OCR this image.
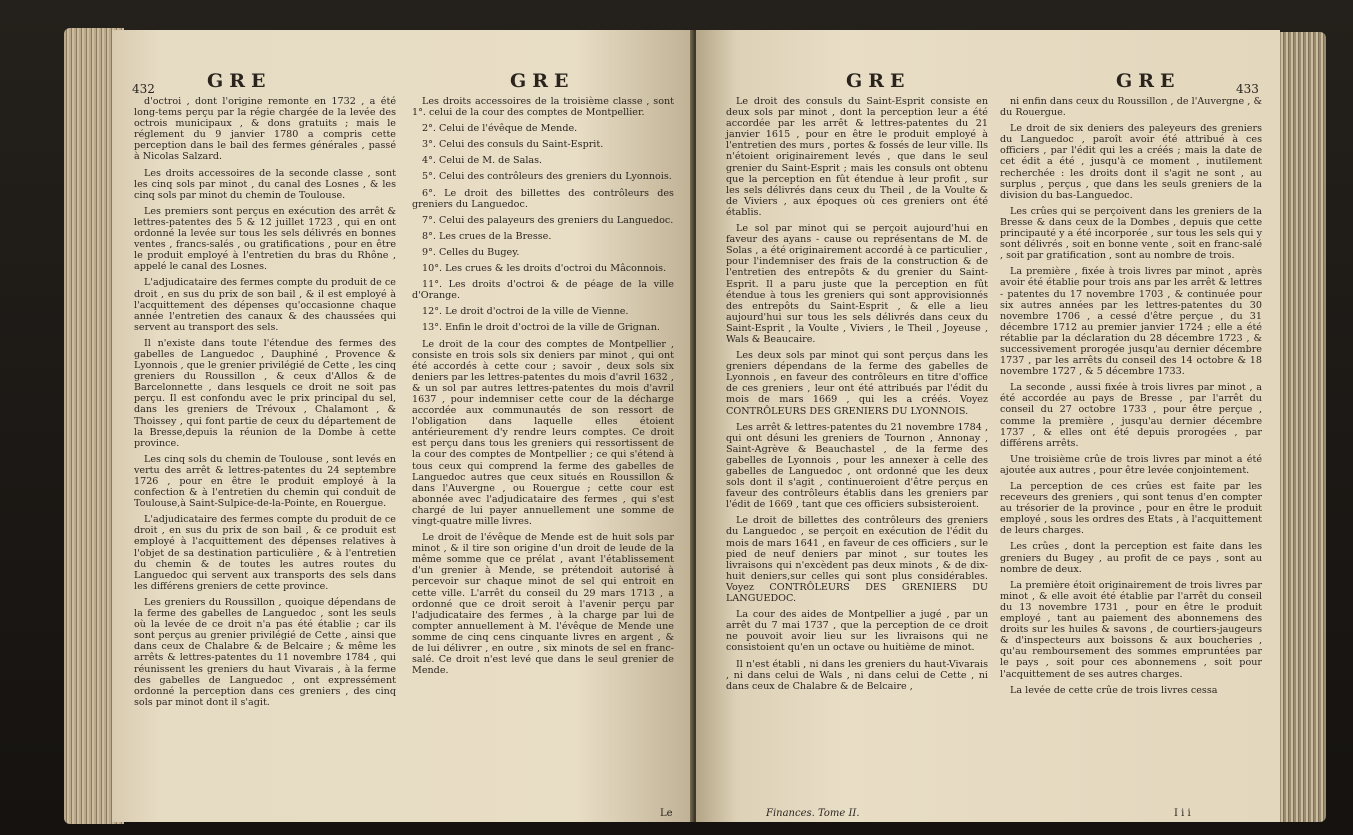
432	GRE	GRE

d'octroi , dont l'origine remonte en 1732 , a été long-tems perçu par la régie chargée de la levée des octrois municipaux , & dons gratuits ; mais le réglement du 9 janvier 1780 a compris cette perception dans le bail des fermes générales , passé à Nicolas Salzard.

Les droits accessoires de la seconde classe , sont les cinq sols par minot , du canal des Losnes , & les cinq sols par minot du chemin de Toulouse.

Les premiers sont perçus en exécution des arrêt & lettres-patentes des 5 & 12 juillet 1723 , qui en ont ordonné la levée sur tous les sels délivrés en bonnes ventes , francs-salés , ou gratifications , pour en être le produit employé à l'entretien du bras du Rhône , appelé le canal des Losnes.

L'adjudicataire des fermes compte du produit de ce droit , en sus du prix de son bail , & il est employé à l'acquittement des dépenses qu'occasionne chaque année l'entretien des canaux & des chaussées qui servent au transport des sels.

Il n'existe dans toute l'étendue des fermes des gabelles de Languedoc , Dauphiné , Provence & Lyonnois , que le grenier privilégié de Cette , les cinq greniers du Roussillon , & ceux d'Allos & de Barcelonnette , dans lesquels ce droit ne soit pas perçu. Il est confondu avec le prix principal du sel, dans les greniers de Trévoux , Chalamont , & Thoissey , qui font partie de ceux du département de la Bresse,depuis la réunion de la Dombe à cette province.

Les cinq sols du chemin de Toulouse , sont levés en vertu des arrêt & lettres-patentes du 24 septembre 1726 , pour en être le produit employé à la confection & à l'entretien du chemin qui conduit de Toulouse,à Saint-Sulpice-de-la-Pointe, en Rouergue.

L'adjudicataire des fermes compte du produit de ce droit , en sus du prix de son bail , & ce produit est employé à l'acquittement des dépenses relatives à l'objet de sa destination particulière , & à l'entretien du chemin & de toutes les autres routes du Languedoc qui servent aux transports des sels dans les différens greniers de cette province.

Les greniers du Roussillon , quoique dépendans de la ferme des gabelles de Languedoc , sont les seuls où la levée de ce droit n'a pas été établie ; car ils sont perçus au grenier privilégié de Cette , ainsi que dans ceux de Chalabre & de Belcaire ; & même les arrêts & lettres-patentes du 11 novembre 1784 , qui réunissent les greniers du haut Vivarais , à la ferme des gabelles de Languedoc , ont expressément ordonné la perception dans ces greniers , des cinq sols par minot dont il s'agit.

Les droits accessoires de la troisième classe , sont 1°. celui de la cour des comptes de Montpellier.

2°. Celui de l'évêque de Mende.

3°. Celui des consuls du Saint-Esprit.

4°. Celui de M. de Salas.

5°. Celui des contrôleurs des greniers du Lyonnois.

6°. Le droit des billettes des contrôleurs des greniers du Languedoc.

7°. Celui des palayeurs des greniers du Languedoc.

8°. Les crues de la Bresse.

9°. Celles du Bugey.

10°. Les crues & les droits d'octroi du Mâconnois.

11°. Les droits d'octroi & de péage de la ville d'Orange.

12°. Le droit d'octroi de la ville de Vienne.

13°. Enfin le droit d'octroi de la ville de Grignan.

Le droit de la cour des comptes de Montpellier , consiste en trois sols six deniers par minot , qui ont été accordés à cette cour ; savoir , deux sols six deniers par les lettres-patentes du mois d'avril 1632 , & un sol par autres lettres-patentes du mois d'avril 1637 , pour indemniser cette cour de la décharge accordée aux communautés de son ressort de l'obligation dans laquelle elles étoient antérieurement d'y rendre leurs comptes. Ce droit est perçu dans tous les greniers qui ressortissent de la cour des comptes de Montpellier ; ce qui s'étend à tous ceux qui comprend la ferme des gabelles de Languedoc autres que ceux situés en Roussillon & dans l'Auvergne , ou Rouergue ; cette cour est abonnée avec l'adjudicataire des fermes , qui s'est chargé de lui payer annuellement une somme de vingt-quatre mille livres.

Le droit de l'évêque de Mende est de huit sols par minot , & il tire son origine d'un droit de leude de la même somme que ce prélat , avant l'établissement d'un grenier à Mende, se prétendoit autorisé à percevoir sur chaque minot de sel qui entroit en cette ville. L'arrêt du conseil du 29 mars 1713 , a ordonné que ce droit seroit à l'avenir perçu par l'adjudicataire des fermes , à la charge par lui de compter annuellement à M. l'évêque de Mende une somme de cinq cens cinquante livres en argent , & de lui délivrer , en outre , six minots de sel en franc-salé. Ce droit n'est levé que dans le seul grenier de Mende.

Le
GRE	GRE	433

Le droit des consuls du Saint-Esprit consiste en deux sols par minot , dont la perception leur a été accordée par les arrêt & lettres-patentes du 21 janvier 1615 , pour en être le produit employé à l'entretien des murs , portes & fossés de leur ville. Ils n'étoient originairement levés , que dans le seul grenier du Saint-Esprit ; mais les consuls ont obtenu que la perception en fût étendue à leur profit , sur les sels délivrés dans ceux du Theil , de la Voulte & de Viviers , aux époques où ces greniers ont été établis.

Le sol par minot qui se perçoit aujourd'hui en faveur des ayans - cause ou représentans de M. de Solas , a été originairement accordé à ce particulier , pour l'indemniser des frais de la construction & de l'entretien des entrepôts & du grenier du Saint-Esprit. Il a paru juste que la perception en fût étendue à tous les greniers qui sont approvisionnés des entrepôts du Saint-Esprit , & elle a lieu aujourd'hui sur tous les sels délivrés dans ceux du Saint-Esprit , la Voulte , Viviers , le Theil , Joyeuse , Wals & Beaucaire.

Les deux sols par minot qui sont perçus dans les greniers dépendans de la ferme des gabelles de Lyonnois , en faveur des contrôleurs en titre d'office de ces greniers , leur ont été attribués par l'édit du mois de mars 1669 , qui les a créés. Voyez CONTRÔLEURS DES GRENIERS DU LYONNOIS.

Les arrêt & lettres-patentes du 21 novembre 1784 , qui ont désuni les greniers de Tournon , Annonay , Saint-Agrève & Beauchastel , de la ferme des gabelles de Lyonnois , pour les annexer à celle des gabelles de Languedoc , ont ordonné que les deux sols dont il s'agit , continueroient d'être perçus en faveur des contrôleurs établis dans les greniers par l'édit de 1669 , tant que ces officiers subsisteroient.

Le droit de billettes des contrôleurs des greniers du Languedoc , se perçoit en exécution de l'édit du mois de mars 1641 , en faveur de ces officiers , sur le pied de neuf deniers par minot , sur toutes les livraisons qui n'excèdent pas deux minots , & de dix-huit deniers,sur celles qui sont plus considérables. Voyez CONTRÔLEURS DES GRENIERS DU LANGUEDOC.

La cour des aides de Montpellier a jugé , par un arrêt du 7 mai 1737 , que la perception de ce droit ne pouvoit avoir lieu sur les livraisons qui ne consistoient qu'en un octave ou huitième de minot.

Il n'est établi , ni dans les greniers du haut-Vivarais , ni dans celui de Wals , ni dans celui de Cette , ni dans ceux de Chalabre & de Belcaire ,

ni enfin dans ceux du Roussillon , de l'Auvergne , & du Rouergue.

Le droit de six deniers des paleyeurs des greniers du Languedoc , paroît avoir été attribué à ces officiers , par l'édit qui les a créés ; mais la date de cet édit a été , jusqu'à ce moment , inutilement recherchée : les droits dont il s'agit ne sont , au surplus , perçus , que dans les seuls greniers de la division du bas-Languedoc.

Les crûes qui se perçoivent dans les greniers de la Bresse & dans ceux de la Dombes , depuis que cette principauté y a été incorporée , sur tous les sels qui y sont délivrés , soit en bonne vente , soit en franc-salé , soit par gratification , sont au nombre de trois.

La première , fixée à trois livres par minot , après avoir été établie pour trois ans par les arrêt & lettres - patentes du 17 novembre 1703 , & continuée pour six autres années par les lettres-patentes du 30 novembre 1706 , a cessé d'être perçue , du 31 décembre 1712 au premier janvier 1724 ; elle a été rétablie par la déclaration du 28 décembre 1723 , & successivement prorogée jusqu'au dernier décembre 1737 , par les arrêts du conseil des 14 octobre & 18 novembre 1727 , & 5 décembre 1733.

La seconde , aussi fixée à trois livres par minot , a été accordée au pays de Bresse , par l'arrêt du conseil du 27 octobre 1733 , pour être perçue , comme la première , jusqu'au dernier décembre 1737 , & elles ont été depuis prorogées , par différens arrêts.

Une troisième crûe de trois livres par minot a été ajoutée aux autres , pour être levée conjointement.

La perception de ces crûes est faite par les receveurs des greniers , qui sont tenus d'en compter au trésorier de la province , pour en être le produit employé , sous les ordres des Etats , à l'acquittement de leurs charges.

Les crûes , dont la perception est faite dans les greniers du Bugey , au profit de ce pays , sont au nombre de deux.

La première étoit originairement de trois livres par minot , & elle avoit été établie par l'arrêt du conseil du 13 novembre 1731 , pour en être le produit employé , tant au paiement des abonnemens des droits sur les huiles & savons , de courtiers-jaugeurs & d'inspecteurs aux boissons & aux boucheries , qu'au remboursement des sommes empruntées par le pays , soit pour ces abonnemens , soit pour l'acquittement de ses autres charges.

La levée de cette crûe de trois livres cessa

Finances. Tome II.	I i i
